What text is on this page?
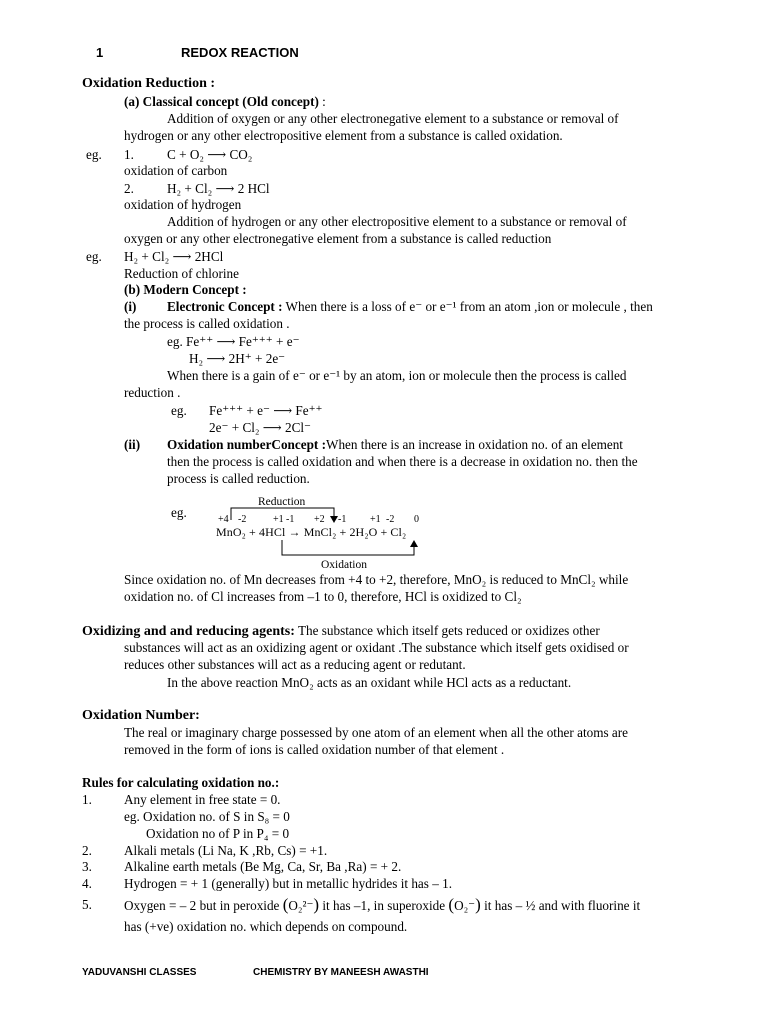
1	REDOX REACTION
Oxidation Reduction :
(a) Classical concept (Old concept) :
Addition of oxygen or any other electronegative element to a substance or removal of
hydrogen or any other electropositive element from a substance is called oxidation.
eg. 1.	C + O₂ ⟶ CO₂
oxidation of carbon
2.	H₂ + Cl₂ ⟶ 2 HCl
oxidation of hydrogen
Addition of hydrogen or any other electropositive element to a substance or removal of
oxygen or any other electronegative element from a substance is called reduction
eg. H₂ + Cl₂ ⟶ 2HCl
Reduction of chlorine
(b) Modern Concept :
(i) Electronic Concept : When there is a loss of e⁻ or e⁻¹ from an atom ,ion or molecule , then
the process is called oxidation .
eg. Fe⁺⁺ ⟶ Fe⁺⁺⁺ + e⁻
H₂ ⟶ 2H⁺ + 2e⁻
When there is a gain of e⁻ or e⁻¹ by an atom, ion or molecule then the process is called
reduction .
eg. Fe⁺⁺⁺ + e⁻ ⟶ Fe⁺⁺
2e⁻ + Cl₂ ⟶ 2Cl⁻
(ii) Oxidation numberConcept :When there is an increase in oxidation no. of an element
then the process is called oxidation and when there is a decrease in oxidation no. then the
process is called reduction.
eg.
Reduction
Oxidation
MnO₂ + 4HCl → MnCl₂ + 2H₂O + Cl₂
+4 -2	+1 -1 +2 -1 +1 -2 0
Since oxidation no. of Mn decreases from +4 to +2, therefore, MnO₂ is reduced to MnCl₂ while
oxidation no. of Cl increases from –1 to 0, therefore, HCl is oxidized to Cl₂
Oxidizing and and reducing agents: The substance which itself gets reduced or oxidizes other
substances will act as an oxidizing agent or oxidant .The substance which itself gets oxidised or
reduces other substances will act as a reducing agent or redutant.
In the above reaction MnO₂ acts as an oxidant while HCl acts as a reductant.
Oxidation Number:
The real or imaginary charge possessed by one atom of an element when all the other atoms are
removed in the form of ions is called oxidation number of that element .
Rules for calculating oxidation no.:
1. Any element in free state = 0.
eg. Oxidation no. of S in S₈ = 0
Oxidation no of P in P₄ = 0
2. Alkali metals (Li Na, K ,Rb, Cs) = +1.
3. Alkaline earth metals (Be Mg, Ca, Sr, Ba ,Ra) = + 2.
4. Hydrogen = + 1 (generally) but in metallic hydrides it has – 1.
5. Oxygen = – 2 but in peroxide (O₂²⁻) it has –1, in superoxide (O₂⁻) it has – ½ and with fluorine it
has (+ve) oxidation no. which depends on compound.
YADUVANSHI CLASSES	CHEMISTRY BY MANEESH AWASTHI
